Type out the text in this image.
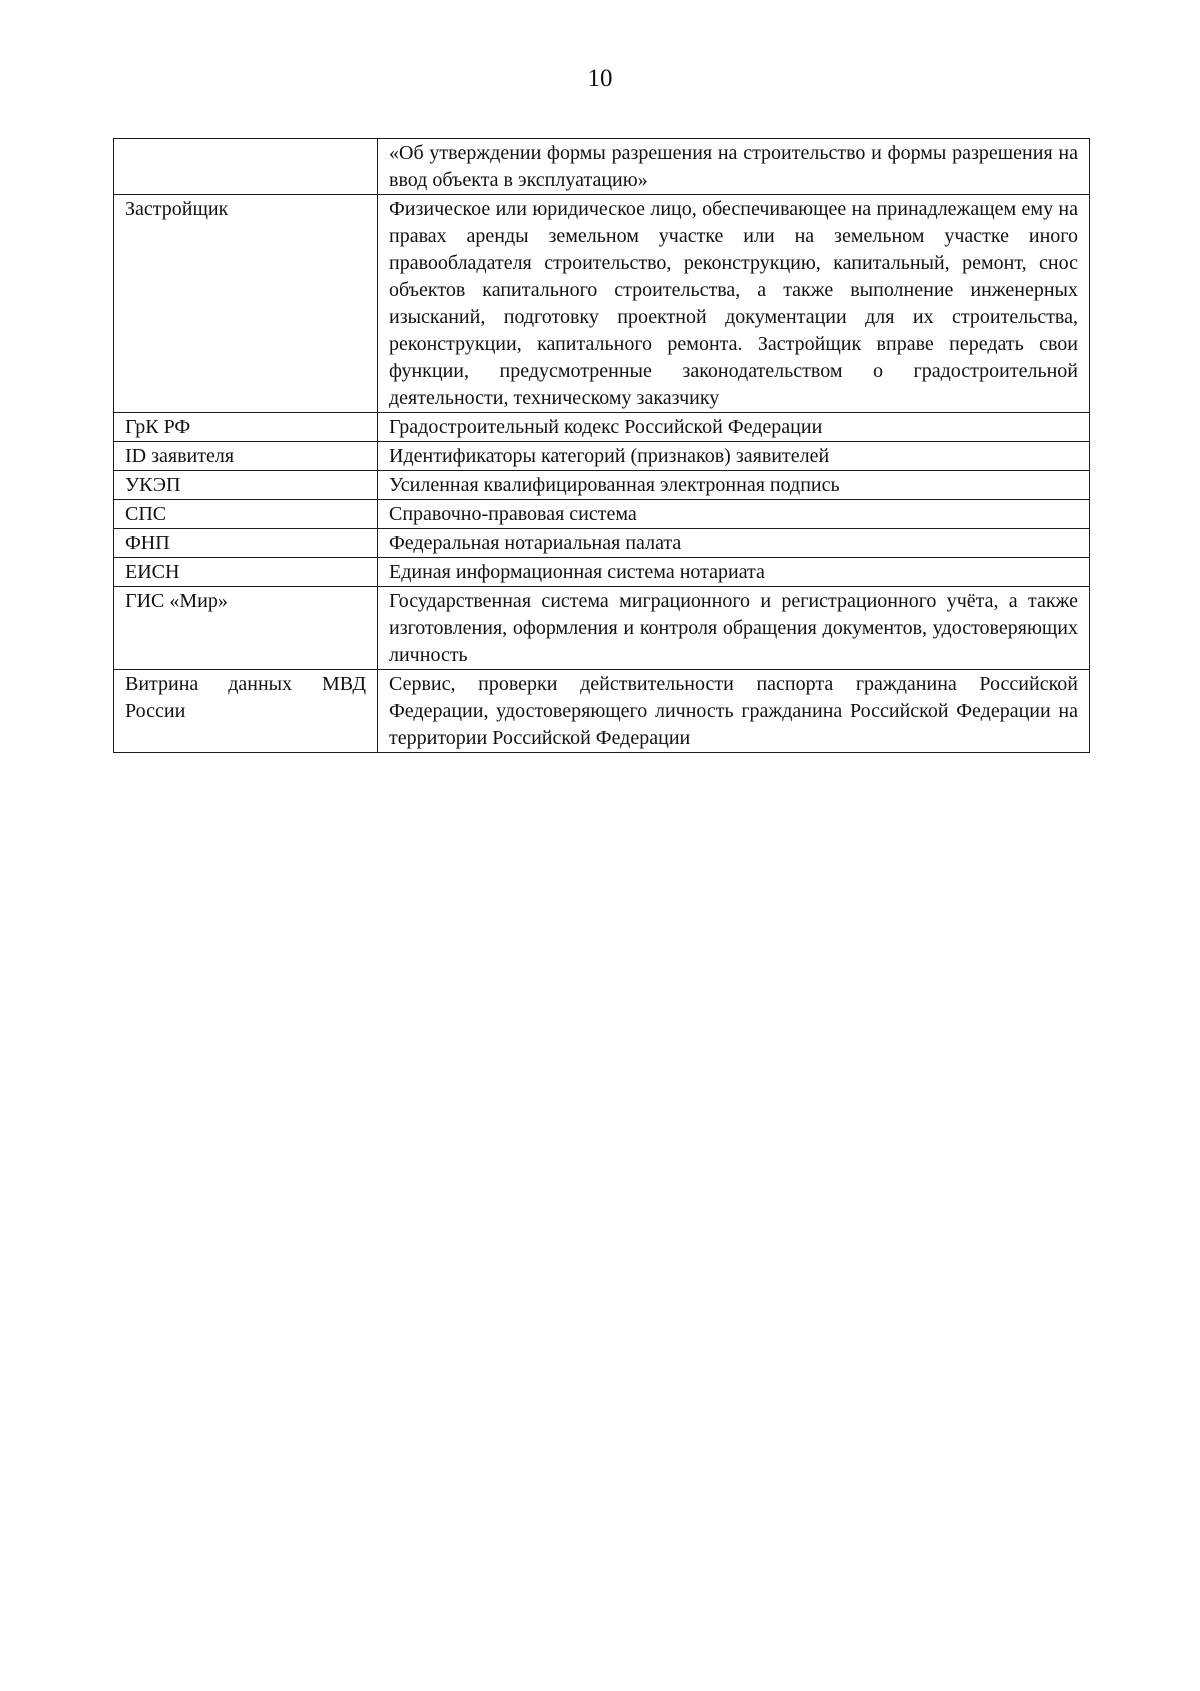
10
	«Об утверждении формы разрешения на строительство и формы разрешения на ввод объекта в эксплуатацию»
Застройщик	Физическое или юридическое лицо, обеспечивающее на принадлежащем ему на правах аренды земельном участке или на земельном участке иного правообладателя строительство, реконструкцию, капитальный, ремонт, снос объектов капитального строительства, а также выполнение инженерных изысканий, подготовку проектной документации для их строительства, реконструкции, капитального ремонта. Застройщик вправе передать свои функции, предусмотренные законодательством о градостроительной деятельности, техническому заказчику
ГрК РФ	Градостроительный кодекс Российской Федерации
ID заявителя	Идентификаторы категорий (признаков) заявителей
УКЭП	Усиленная квалифицированная электронная подпись
СПС	Справочно-правовая система
ФНП	Федеральная нотариальная палата
ЕИСН	Единая информационная система нотариата
ГИС «Мир»	Государственная система миграционного и регистрационного учёта, а также изготовления, оформления и контроля обращения документов, удостоверяющих личность
Витрина данных МВД России	Сервис, проверки действительности паспорта гражданина Российской Федерации, удостоверяющего личность гражданина Российской Федерации на территории Российской Федерации
